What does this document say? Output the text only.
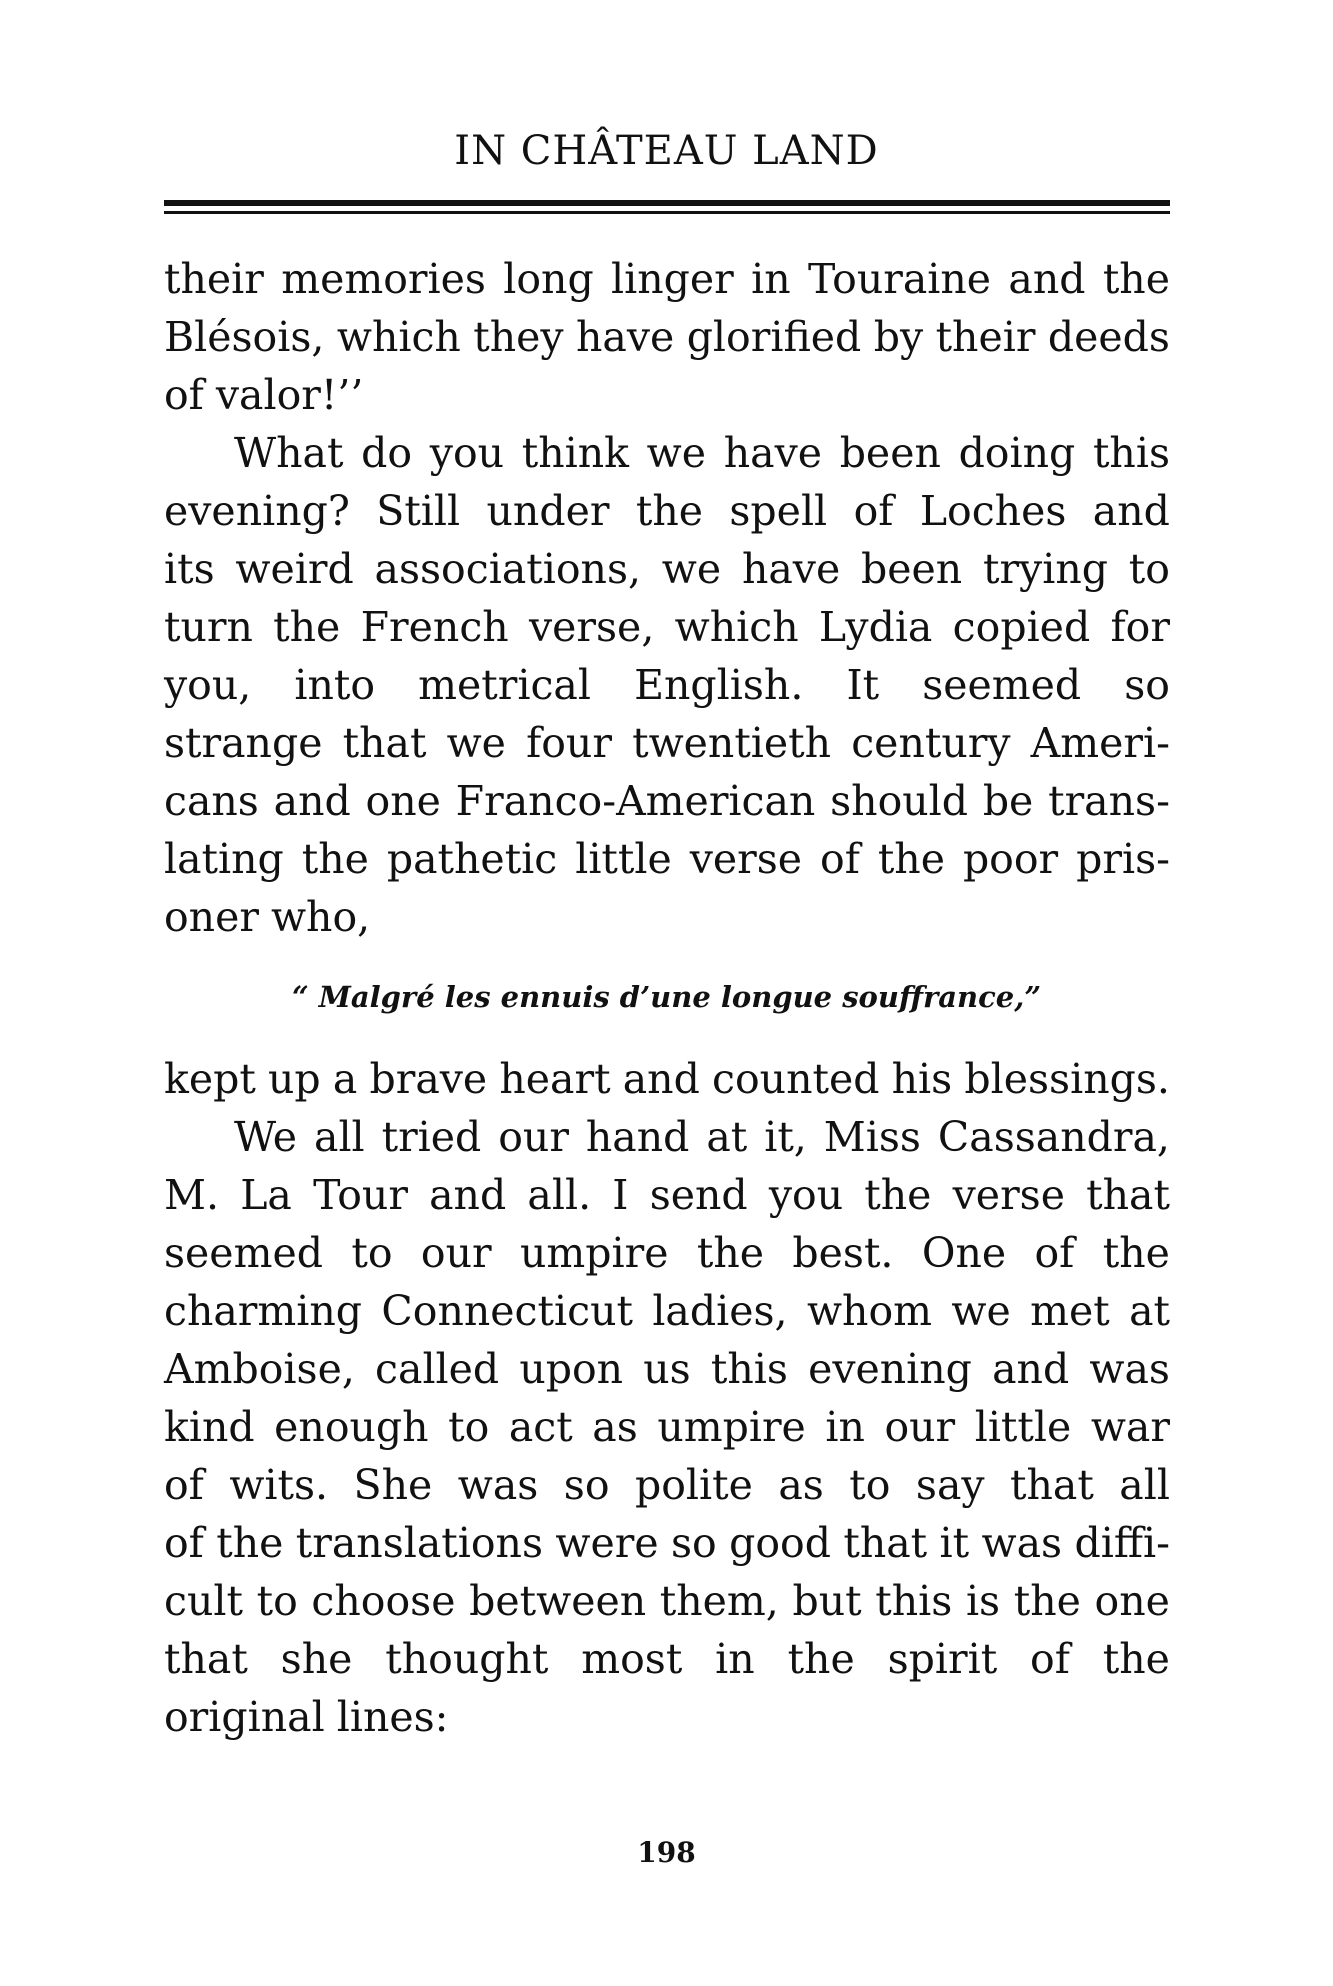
IN CHÂTEAU LAND
their memories long linger in Touraine and the
Blésois, which they have glorified by their deeds
of valor!’’
What do you think we have been doing this
evening? Still under the spell of Loches and
its weird associations, we have been trying to
turn the French verse, which Lydia copied for
you, into metrical English. It seemed so
strange that we four twentieth century Ameri-
cans and one Franco-American should be trans-
lating the pathetic little verse of the poor pris-
oner who,

“ Malgré les ennuis d’une longue souffrance,”

kept up a brave heart and counted his blessings.
We all tried our hand at it, Miss Cassandra,
M. La Tour and all. I send you the verse that
seemed to our umpire the best. One of the
charming Connecticut ladies, whom we met at
Amboise, called upon us this evening and was
kind enough to act as umpire in our little war
of wits. She was so polite as to say that all
of the translations were so good that it was diffi-
cult to choose between them, but this is the one
that she thought most in the spirit of the
original lines:

198
